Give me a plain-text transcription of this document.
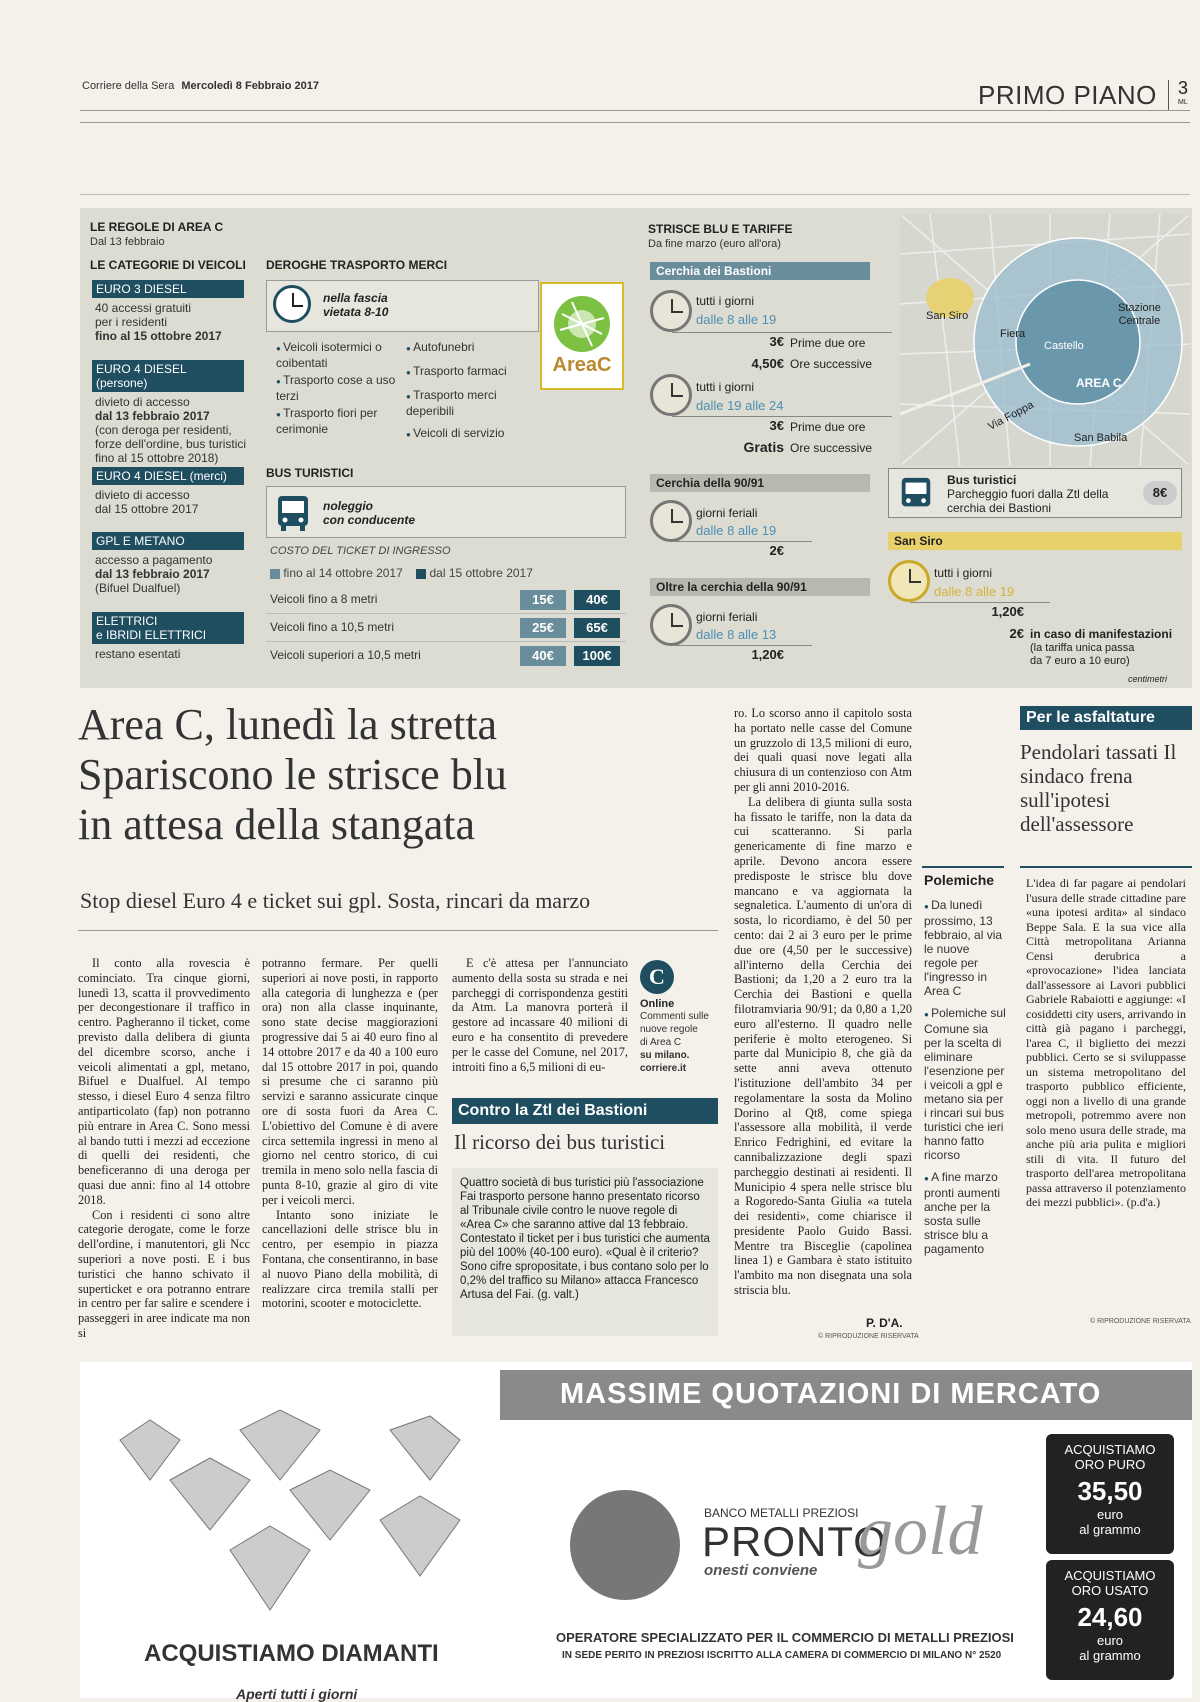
Corriere della Sera Mercoledì 8 Febbraio 2017	PRIMO PIANO 3
ML
LE REGOLE DI AREA C
Dal 13 febbraio
LE CATEGORIE DI VEICOLI
EURO 3 DIESEL
40 accessi gratuiti
per i residenti
fino al 15 ottobre 2017
EURO 4 DIESEL (persone)
divieto di accesso
dal 13 febbraio 2017
(con deroga per residenti,
forze dell'ordine, bus turistici
fino al 15 ottobre 2018)
EURO 4 DIESEL (merci)
divieto di accesso
dal 15 ottobre 2017
GPL E METANO
accesso a pagamento
dal 13 febbraio 2017
(Bifuel Dualfuel)
ELETTRICI
e IBRIDI ELETTRICI
restano esentati
DEROGHE TRASPORTO MERCI
nella fascia
vietata 8-10
● Veicoli isotermici o coibentati
● Trasporto cose a uso terzi
● Trasporto fiori per cerimonie
● Autofunebri
● Trasporto farmaci
● Trasporto merci deperibili
● Veicoli di servizio
AreaC
BUS TURISTICI
noleggio
con conducente
COSTO DEL TICKET DI INGRESSO
fino al 14 ottobre 2017 dal 15 ottobre 2017
Veicoli fino a 8 metri	15€	40€
Veicoli fino a 10,5 metri	25€	65€
Veicoli superiori a 10,5 metri	40€	100€
STRISCE BLU E TARIFFE
Da fine marzo (euro all'ora)
Cerchia dei Bastioni
tutti i giorni
dalle 8 alle 19
3€ Prime due ore
4,50€ Ore successive
tutti i giorni
dalle 19 alle 24
3€ Prime due ore
Gratis Ore successive
Cerchia della 90/91
giorni feriali
dalle 8 alle 19
2€
Oltre la cerchia della 90/91
giorni feriali
dalle 8 alle 13
1,20€
San Siro
Fiera
Castello
AREA C
Stazione
Centrale
Via Foppa
San Babila
Bus turistici
Parcheggio fuori dalla Ztl della
cerchia dei Bastioni
8€
San Siro
tutti i giorni
dalle 8 alle 19
1,20€
2€ in caso di manifestazioni
(la tariffa unica passa
da 7 euro a 10 euro)
centimetri
Area C, lunedì la stretta
Spariscono le strisce blu
in attesa della stangata
Stop diesel Euro 4 e ticket sui gpl. Sosta, rincari da marzo

Il conto alla rovescia è cominciato. Tra cinque giorni, lunedì 13, scatta il provvedimento per decongestionare il traffico in centro. Pagheranno il ticket, come previsto dalla delibera di giunta del dicembre scorso, anche i veicoli alimentati a gpl, metano, Bifuel e Dualfuel. Al tempo stesso, i diesel Euro 4 senza filtro antiparticolato (fap) non potranno più entrare in Area C. Sono messi al bando tutti i mezzi ad eccezione di quelli dei residenti, che beneficeranno di una deroga per quasi due anni: fino al 14 ottobre 2018.

Con i residenti ci sono altre categorie derogate, come le forze dell'ordine, i manutentori, gli Ncc superiori a nove posti. E i bus turistici che hanno schivato il superticket e ora potranno entrare in centro per far salire e scendere i passeggeri in aree indicate ma non si

potranno fermare. Per quelli superiori ai nove posti, in rapporto alla categoria di lunghezza e (per ora) non alla classe inquinante, sono state decise maggiorazioni progressive dai 5 ai 40 euro fino al 14 ottobre 2017 e da 40 a 100 euro dal 15 ottobre 2017 in poi, quando si presume che ci saranno più servizi e saranno assicurate cinque ore di sosta fuori da Area C. L'obiettivo del Comune è di avere circa settemila ingressi in meno al giorno nel centro storico, di cui tremila in meno solo nella fascia di punta 8-10, grazie al giro di vite per i veicoli merci.

Intanto sono iniziate le cancellazioni delle strisce blu in centro, per esempio in piazza Fontana, che consentiranno, in base al nuovo Piano della mobilità, di realizzare circa tremila stalli per motorini, scooter e motociclette.

E c'è attesa per l'annunciato aumento della sosta su strada e nei parcheggi di corrispondenza gestiti da Atm. La manovra porterà il gestore ad incassare 40 milioni di euro e ha consentito di prevedere per le casse del Comune, nel 2017, introiti fino a 6,5 milioni di eu-

C
Online
Commenti sulle
nuove regole
di Area C
su milano.
corriere.it
Contro la Ztl dei Bastioni
Il ricorso dei bus turistici
Quattro società di bus turistici più l'associazione Fai trasporto persone hanno presentato ricorso al Tribunale civile contro le nuove regole di «Area C» che saranno attive dal 13 febbraio. Contestato il ticket per i bus turistici che aumenta più del 100% (40-100 euro). «Qual è il criterio? Sono cifre spropositate, i bus contano solo per lo 0,2% del traffico su Milano» attacca Francesco Artusa del Fai. (g. valt.)

ro. Lo scorso anno il capitolo sosta ha portato nelle casse del Comune un gruzzolo di 13,5 milioni di euro, dei quali quasi nove legati alla chiusura di un contenzioso con Atm per gli anni 2010-2016.

La delibera di giunta sulla sosta ha fissato le tariffe, non la data da cui scatteranno. Si parla genericamente di fine marzo e aprile. Devono ancora essere predisposte le strisce blu dove mancano e va aggiornata la segnaletica. L'aumento di un'ora di sosta, lo ricordiamo, è del 50 per cento: dai 2 ai 3 euro per le prime due ore (4,50 per le successive) all'interno della Cerchia dei Bastioni; da 1,20 a 2 euro tra la Cerchia dei Bastioni e quella filotramviaria 90/91; da 0,80 a 1,20 euro all'esterno. Il quadro nelle periferie è molto eterogeneo. Si parte dal Municipio 8, che già da sette anni aveva ottenuto l'istituzione dell'ambito 34 per regolamentare la sosta da Molino Dorino al Qt8, come spiega l'assessore alla mobilità, il verde Enrico Fedrighini, ed evitare la cannibalizzazione degli spazi parcheggio destinati ai residenti. Il Municipio 4 spera nelle strisce blu a Rogoredo-Santa Giulia «a tutela dei residenti», come chiarisce il presidente Paolo Guido Bassi. Mentre tra Bisceglie (capolinea linea 1) e Gambara è stato istituito l'ambito ma non disegnata una sola striscia blu.

P. D'A.
© RIPRODUZIONE RISERVATA
Polemiche
● Da lunedì prossimo, 13 febbraio, al via le nuove regole per l'ingresso in Area C
● Polemiche sul Comune sia per la scelta di eliminare l'esenzione per i veicoli a gpl e metano sia per i rincari sui bus turistici che ieri hanno fatto ricorso
● A fine marzo pronti aumenti anche per la sosta sulle strisce blu a pagamento
Per le asfaltature
Pendolari tassati Il sindaco frena sull'ipotesi dell'assessore
L'idea di far pagare ai pendolari l'usura delle strade cittadine pare «una ipotesi ardita» al sindaco Beppe Sala. E la sua vice alla Città metropolitana Arianna Censi derubrica a «provocazione» l'idea lanciata dall'assessore ai Lavori pubblici Gabriele Rabaiotti e aggiunge: «I cosiddetti city users, arrivando in città già pagano i parcheggi, l'area C, il biglietto dei mezzi pubblici. Certo se si sviluppasse un sistema metropolitano del trasporto pubblico efficiente, oggi non a livello di una grande metropoli, potremmo avere non solo meno usura delle strade, ma anche più aria pulita e migliori stili di vita. Il futuro del trasporto dell'area metropolitana passa attraverso il potenziamento dei mezzi pubblici». (p.d'a.)
© RIPRODUZIONE RISERVATA
MASSIME QUOTAZIONI DI MERCATO
ACQUISTIAMO DIAMANTI
Aperti tutti i giorni
BANCO METALLI PREZIOSI
PRONTO
gold
onesti conviene
OPERATORE SPECIALIZZATO PER IL COMMERCIO DI METALLI PREZIOSI
IN SEDE PERITO IN PREZIOSI ISCRITTO ALLA CAMERA DI COMMERCIO DI MILANO N° 2520
ACQUISTIAMO
ORO PURO
35,50
euro
al grammo
ACQUISTIAMO
ORO USATO
24,60
euro
al grammo
